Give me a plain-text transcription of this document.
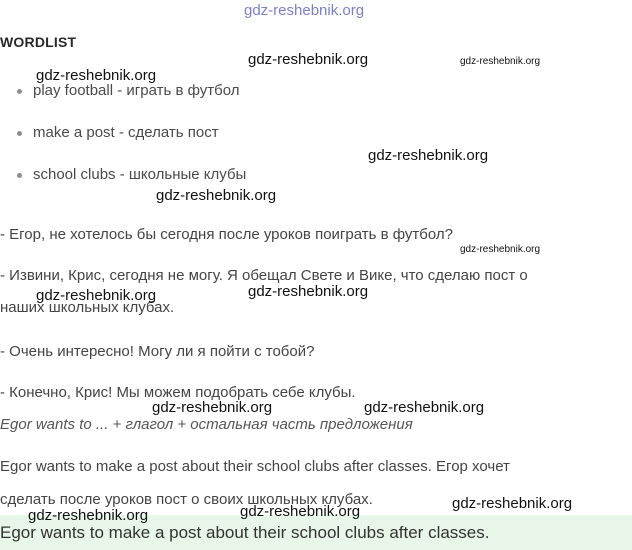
gdz-reshebnik.org
WORDLIST
play football - играть в футбол
make a post - сделать пост
school clubs - школьные клубы
- Егор, не хотелось бы сегодня после уроков поиграть в футбол?
- Извини, Крис, сегодня не могу. Я обещал Свете и Вике, что сделаю пост о
наших школьных клубах.
- Очень интересно! Могу ли я пойти с тобой?
- Конечно, Крис! Мы можем подобрать себе клубы.
Egor wants to ... + глагол + остальная часть предложения
Egor wants to make a post about their school clubs after classes. Егор хочет
сделать после уроков пост о своих школьных клубах.
Egor wants to make a post about their school clubs after classes.
gdz-reshebnik.org	gdz-reshebnik.org
gdz-reshebnik.org
gdz-reshebnik.org
gdz-reshebnik.org
gdz-reshebnik.org
gdz-reshebnik.org
gdz-reshebnik.org
gdz-reshebnik.org	gdz-reshebnik.org
gdz-reshebnik.org
gdz-reshebnik.org	gdz-reshebnik.org
